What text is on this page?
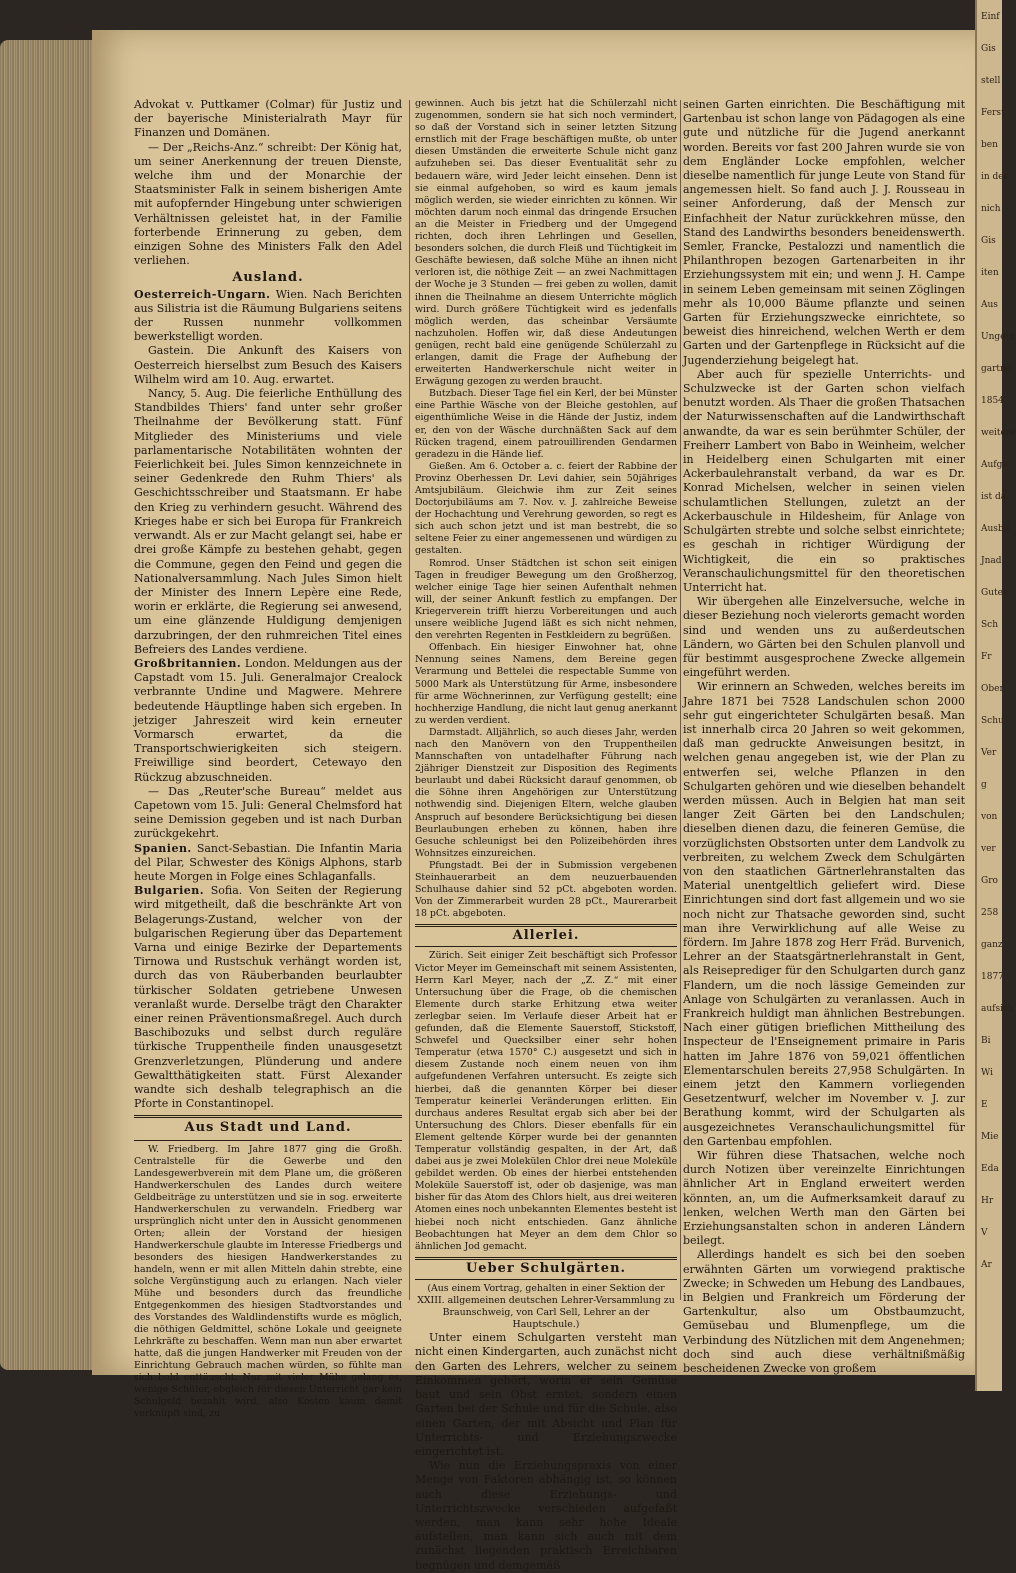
Einf
Gis
stell
Ferst
ben
in der
nich
Gis
iten
Aus
Ungern
gartne
1854
weitere
Aufga
ist da
Ausbil
Jnad
Gutes
Sch
Fr
Ober
Schu
Ver
g
von
ver
Gro
258
ganz
1877
aufsich
Bi
Wi
E
Mie
Eda
Hr
V
Ar

Advokat v. Puttkamer (Colmar) für Justiz und der bayerische Ministerialrath Mayr für Finanzen und Domänen.

— Der „Reichs-Anz.“ schreibt: Der König hat, um seiner Anerkennung der treuen Dienste, welche ihm und der Monarchie der Staatsminister Falk in seinem bisherigen Amte mit aufopfernder Hingebung unter schwierigen Verhältnissen geleistet hat, in der Familie forterbende Erinnerung zu geben, dem einzigen Sohne des Ministers Falk den Adel verliehen.

Ausland.

Oesterreich-Ungarn. Wien. Nach Berichten aus Silistria ist die Räumung Bulgariens seitens der Russen nunmehr vollkommen bewerkstelligt worden.

Gastein. Die Ankunft des Kaisers von Oesterreich hierselbst zum Besuch des Kaisers Wilhelm wird am 10. Aug. erwartet.

Nancy, 5. Aug. Die feierliche Enthüllung des Standbildes Thiers' fand unter sehr großer Theilnahme der Bevölkerung statt. Fünf Mitglieder des Ministeriums und viele parlamentarische Notabilitäten wohnten der Feierlichkeit bei. Jules Simon kennzeichnete in seiner Gedenkrede den Ruhm Thiers' als Geschichtsschreiber und Staatsmann. Er habe den Krieg zu verhindern gesucht. Während des Krieges habe er sich bei Europa für Frankreich verwandt. Als er zur Macht gelangt sei, habe er drei große Kämpfe zu bestehen gehabt, gegen die Commune, gegen den Feind und gegen die Nationalversammlung. Nach Jules Simon hielt der Minister des Innern Lepère eine Rede, worin er erklärte, die Regierung sei anwesend, um eine glänzende Huldigung demjenigen darzubringen, der den ruhmreichen Titel eines Befreiers des Landes verdiene.

Großbritannien. London. Meldungen aus der Capstadt vom 15. Juli. Generalmajor Crealock verbrannte Undine und Magwere. Mehrere bedeutende Häuptlinge haben sich ergeben. In jetziger Jahreszeit wird kein erneuter Vormarsch erwartet, da die Transportschwierigkeiten sich steigern. Freiwillige sind beordert, Cetewayo den Rückzug abzuschneiden.

— Das „Reuter'sche Bureau“ meldet aus Capetown vom 15. Juli: General Chelmsford hat seine Demission gegeben und ist nach Durban zurückgekehrt.

Spanien. Sanct-Sebastian. Die Infantin Maria del Pilar, Schwester des Königs Alphons, starb heute Morgen in Folge eines Schlaganfalls.

Bulgarien. Sofia. Von Seiten der Regierung wird mitgetheilt, daß die beschränkte Art von Belagerungs-Zustand, welcher von der bulgarischen Regierung über das Departement Varna und einige Bezirke der Departements Tirnowa und Rustschuk verhängt worden ist, durch das von Räuberbanden beurlaubter türkischer Soldaten getriebene Unwesen veranlaßt wurde. Derselbe trägt den Charakter einer reinen Präventionsmaßregel. Auch durch Baschibozuks und selbst durch reguläre türkische Truppentheile finden unausgesetzt Grenzverletzungen, Plünderung und andere Gewaltthätigkeiten statt. Fürst Alexander wandte sich deshalb telegraphisch an die Pforte in Constantinopel.

Aus Stadt und Land.

W. Friedberg. Im Jahre 1877 ging die Großh. Centralstelle für die Gewerbe und den Landesgewerbverein mit dem Plane um, die größeren Handwerkerschulen des Landes durch weitere Geldbeiträge zu unterstützen und sie in sog. erweiterte Handwerkerschulen zu verwandeln. Friedberg war ursprünglich nicht unter den in Aussicht genommenen Orten; allein der Vorstand der hiesigen Handwerkerschule glaubte im Interesse Friedbergs und besonders des hiesigen Handwerkerstandes zu handeln, wenn er mit allen Mitteln dahin strebte, eine solche Vergünstigung auch zu erlangen. Nach vieler Mühe und besonders durch das freundliche Entgegenkommen des hiesigen Stadtvorstandes und des Vorstandes des Waldlindenstifts wurde es möglich, die nöthigen Geldmittel, schöne Lokale und geeignete Lehrkräfte zu beschaffen. Wenn man nun aber erwartet hatte, daß die jungen Handwerker mit Freuden von der Einrichtung Gebrauch machen würden, so fühlte man sich bald enttäuscht. Nur mit vieler Mühe gelang es, wenige Schüler, obgleich für diesen Unterricht gar kein Schulgeld bezahlt wird, also Kosten kaum damit verknüpft sind, zu

gewinnen. Auch bis jetzt hat die Schülerzahl nicht zugenommen, sondern sie hat sich noch vermindert, so daß der Vorstand sich in seiner letzten Sitzung ernstlich mit der Frage beschäftigen mußte, ob unter diesen Umständen die erweiterte Schule nicht ganz aufzuheben sei. Das dieser Eventualität sehr zu bedauern wäre, wird Jeder leicht einsehen. Denn ist sie einmal aufgehoben, so wird es kaum jemals möglich werden, sie wieder einrichten zu können. Wir möchten darum noch einmal das dringende Ersuchen an die Meister in Friedberg und der Umgegend richten, doch ihren Lehrlingen und Gesellen, besonders solchen, die durch Fleiß und Tüchtigkeit im Geschäfte bewiesen, daß solche Mühe an ihnen nicht verloren ist, die nöthige Zeit — an zwei Nachmittagen der Woche je 3 Stunden — frei geben zu wollen, damit ihnen die Theilnahme an diesem Unterrichte möglich wird. Durch größere Tüchtigkeit wird es jedenfalls möglich werden, das scheinbar Versäumte nachzuholen. Hoffen wir, daß diese Andeutungen genügen, recht bald eine genügende Schülerzahl zu erlangen, damit die Frage der Aufhebung der erweiterten Handwerkerschule nicht weiter in Erwägung gezogen zu werden braucht.

Butzbach. Dieser Tage fiel ein Kerl, der bei Münster eine Parthie Wäsche von der Bleiche gestohlen, auf eigenthümliche Weise in die Hände der Justiz, indem er, den von der Wäsche durchnäßten Sack auf dem Rücken tragend, einem patrouillirenden Gendarmen geradezu in die Hände lief.

Gießen. Am 6. October a. c. feiert der Rabbine der Provinz Oberhessen Dr. Levi dahier, sein 50jähriges Amtsjubiläum. Gleichwie ihm zur Zeit seines Doctorjubiläums am 7. Nov. v. J. zahlreiche Beweise der Hochachtung und Verehrung geworden, so regt es sich auch schon jetzt und ist man bestrebt, die so seltene Feier zu einer angemessenen und würdigen zu gestalten.

Romrod. Unser Städtchen ist schon seit einigen Tagen in freudiger Bewegung um den Großherzog, welcher einige Tage hier seinen Aufenthalt nehmen will, der seiner Ankunft festlich zu empfangen. Der Kriegerverein trifft hierzu Vorbereitungen und auch unsere weibliche Jugend läßt es sich nicht nehmen, den verehrten Regenten in Festkleidern zu begrüßen.

Offenbach. Ein hiesiger Einwohner hat, ohne Nennung seines Namens, dem Bereine gegen Verarmung und Bettelei die respectable Summe von 5000 Mark als Unterstützung für Arme, insbesondere für arme Wöchnerinnen, zur Verfügung gestellt; eine hochherzige Handlung, die nicht laut genug anerkannt zu werden verdient.

Darmstadt. Alljährlich, so auch dieses Jahr, werden nach den Manövern von den Truppentheilen Mannschaften von untadelhafter Führung nach 2jähriger Dienstzeit zur Disposition des Regiments beurlaubt und dabei Rücksicht darauf genommen, ob die Söhne ihren Angehörigen zur Unterstützung nothwendig sind. Diejenigen Eltern, welche glauben Anspruch auf besondere Berücksichtigung bei diesen Beurlaubungen erheben zu können, haben ihre Gesuche schleunigst bei den Polizeibehörden ihres Wohnsitzes einzureichen.

Pfungstadt. Bei der in Submission vergebenen Steinhauerarbeit an dem neuzuerbauenden Schulhause dahier sind 52 pCt. abgeboten worden. Von der Zimmerarbeit wurden 28 pCt., Maurerarbeit 18 pCt. abgeboten.

Allerlei.

Zürich. Seit einiger Zeit beschäftigt sich Professor Victor Meyer im Gemeinschaft mit seinem Assistenten, Herrn Karl Meyer, nach der „Z. Z.“ mit einer Untersuchung über die Frage, ob die chemischen Elemente durch starke Erhitzung etwa weiter zerlegbar seien. Im Verlaufe dieser Arbeit hat er gefunden, daß die Elemente Sauerstoff, Stickstoff, Schwefel und Quecksilber einer sehr hohen Temperatur (etwa 1570° C.) ausgesetzt und sich in diesem Zustande noch einem neuen von ihm aufgefundenen Verfahren untersucht. Es zeigte sich hierbei, daß die genannten Körper bei dieser Temperatur keinerlei Veränderungen erlitten. Ein durchaus anderes Resultat ergab sich aber bei der Untersuchung des Chlors. Dieser ebenfalls für ein Element geltende Körper wurde bei der genannten Temperatur vollständig gespalten, in der Art, daß dabei aus je zwei Molekülen Chlor drei neue Moleküle gebildet werden. Ob eines der hierbei entstehenden Moleküle Sauerstoff ist, oder ob dasjenige, was man bisher für das Atom des Chlors hielt, aus drei weiteren Atomen eines noch unbekannten Elementes besteht ist hiebei noch nicht entschieden. Ganz ähnliche Beobachtungen hat Meyer an dem dem Chlor so ähnlichen Jod gemacht.

Ueber Schulgärten.

(Aus einem Vortrag, gehalten in einer Sektion der XXIII. allgemeinen deutschen Lehrer-Versammlung zu Braunschweig, von Carl Sell, Lehrer an der Hauptschule.)

Unter einem Schulgarten versteht man nicht einen Kindergarten, auch zunächst nicht den Garten des Lehrers, welcher zu seinem Einkommen gehört, worin er sein Gemüse baut und sein Obst erntet, sondern einen Garten bei der Schule und für die Schule, also einen Garten, der mit Absicht und Plan für Unterrichts- und Erziehungszwecke eingerichtet ist.

Wie nun die Erziehungspraxis von einer Menge von Faktoren abhängig ist, so können auch diese Erziehungs- und Unterrichtszwecke verschieden aufgefaßt werden, man kann sehr hohe Ideale aufstellen, man kann sich auch mit dem zunächst liegenden praktisch Erreichbaren begnügen und demgemäß

seinen Garten einrichten. Die Beschäftigung mit Gartenbau ist schon lange von Pädagogen als eine gute und nützliche für die Jugend anerkannt worden. Bereits vor fast 200 Jahren wurde sie von dem Engländer Locke empfohlen, welcher dieselbe namentlich für junge Leute von Stand für angemessen hielt. So fand auch J. J. Rousseau in seiner Anforderung, daß der Mensch zur Einfachheit der Natur zurückkehren müsse, den Stand des Landwirths besonders beneidenswerth. Semler, Francke, Pestalozzi und namentlich die Philanthropen bezogen Gartenarbeiten in ihr Erziehungssystem mit ein; und wenn J. H. Campe in seinem Leben gemeinsam mit seinen Zöglingen mehr als 10,000 Bäume pflanzte und seinen Garten für Erziehungszwecke einrichtete, so beweist dies hinreichend, welchen Werth er dem Garten und der Gartenpflege in Rücksicht auf die Jugenderziehung beigelegt hat.

Aber auch für spezielle Unterrichts- und Schulzwecke ist der Garten schon vielfach benutzt worden. Als Thaer die großen Thatsachen der Naturwissenschaften auf die Landwirthschaft anwandte, da war es sein berühmter Schüler, der Freiherr Lambert von Babo in Weinheim, welcher in Heidelberg einen Schulgarten mit einer Ackerbaulehranstalt verband, da war es Dr. Konrad Michelsen, welcher in seinen vielen schulamtlichen Stellungen, zuletzt an der Ackerbauschule in Hildesheim, für Anlage von Schulgärten strebte und solche selbst einrichtete; es geschah in richtiger Würdigung der Wichtigkeit, die ein so praktisches Veranschaulichungsmittel für den theoretischen Unterricht hat.

Wir übergehen alle Einzelversuche, welche in dieser Beziehung noch vielerorts gemacht worden sind und wenden uns zu außerdeutschen Ländern, wo Gärten bei den Schulen planvoll und für bestimmt ausgesprochene Zwecke allgemein eingeführt werden.

Wir erinnern an Schweden, welches bereits im Jahre 1871 bei 7528 Landschulen schon 2000 sehr gut eingerichteter Schulgärten besaß. Man ist innerhalb circa 20 Jahren so weit gekommen, daß man gedruckte Anweisungen besitzt, in welchen genau angegeben ist, wie der Plan zu entwerfen sei, welche Pflanzen in den Schulgarten gehören und wie dieselben behandelt werden müssen. Auch in Belgien hat man seit langer Zeit Gärten bei den Landschulen; dieselben dienen dazu, die feineren Gemüse, die vorzüglichsten Obstsorten unter dem Landvolk zu verbreiten, zu welchem Zweck dem Schulgärten von den staatlichen Gärtnerlehranstalten das Material unentgeltlich geliefert wird. Diese Einrichtungen sind dort fast allgemein und wo sie noch nicht zur Thatsache geworden sind, sucht man ihre Verwirklichung auf alle Weise zu fördern. Im Jahre 1878 zog Herr Fräd. Burvenich, Lehrer an der Staatsgärtnerlehranstalt in Gent, als Reiseprediger für den Schulgarten durch ganz Flandern, um die noch lässige Gemeinden zur Anlage von Schulgärten zu veranlassen. Auch in Frankreich huldigt man ähnlichen Bestrebungen. Nach einer gütigen brieflichen Mittheilung des Inspecteur de l'Enseignement primaire in Paris hatten im Jahre 1876 von 59,021 öffentlichen Elementarschulen bereits 27,958 Schulgärten. In einem jetzt den Kammern vorliegenden Gesetzentwurf, welcher im November v. J. zur Berathung kommt, wird der Schulgarten als ausgezeichnetes Veranschaulichungsmittel für den Gartenbau empfohlen.

Wir führen diese Thatsachen, welche noch durch Notizen über vereinzelte Einrichtungen ähnlicher Art in England erweitert werden könnten, an, um die Aufmerksamkeit darauf zu lenken, welchen Werth man den Gärten bei Erziehungsanstalten schon in anderen Ländern beilegt.

Allerdings handelt es sich bei den soeben erwähnten Gärten um vorwiegend praktische Zwecke; in Schweden um Hebung des Landbaues, in Belgien und Frankreich um Förderung der Gartenkultur, also um Obstbaumzucht, Gemüsebau und Blumenpflege, um die Verbindung des Nützlichen mit dem Angenehmen; doch sind auch diese verhältnißmäßig bescheidenen Zwecke von großem
